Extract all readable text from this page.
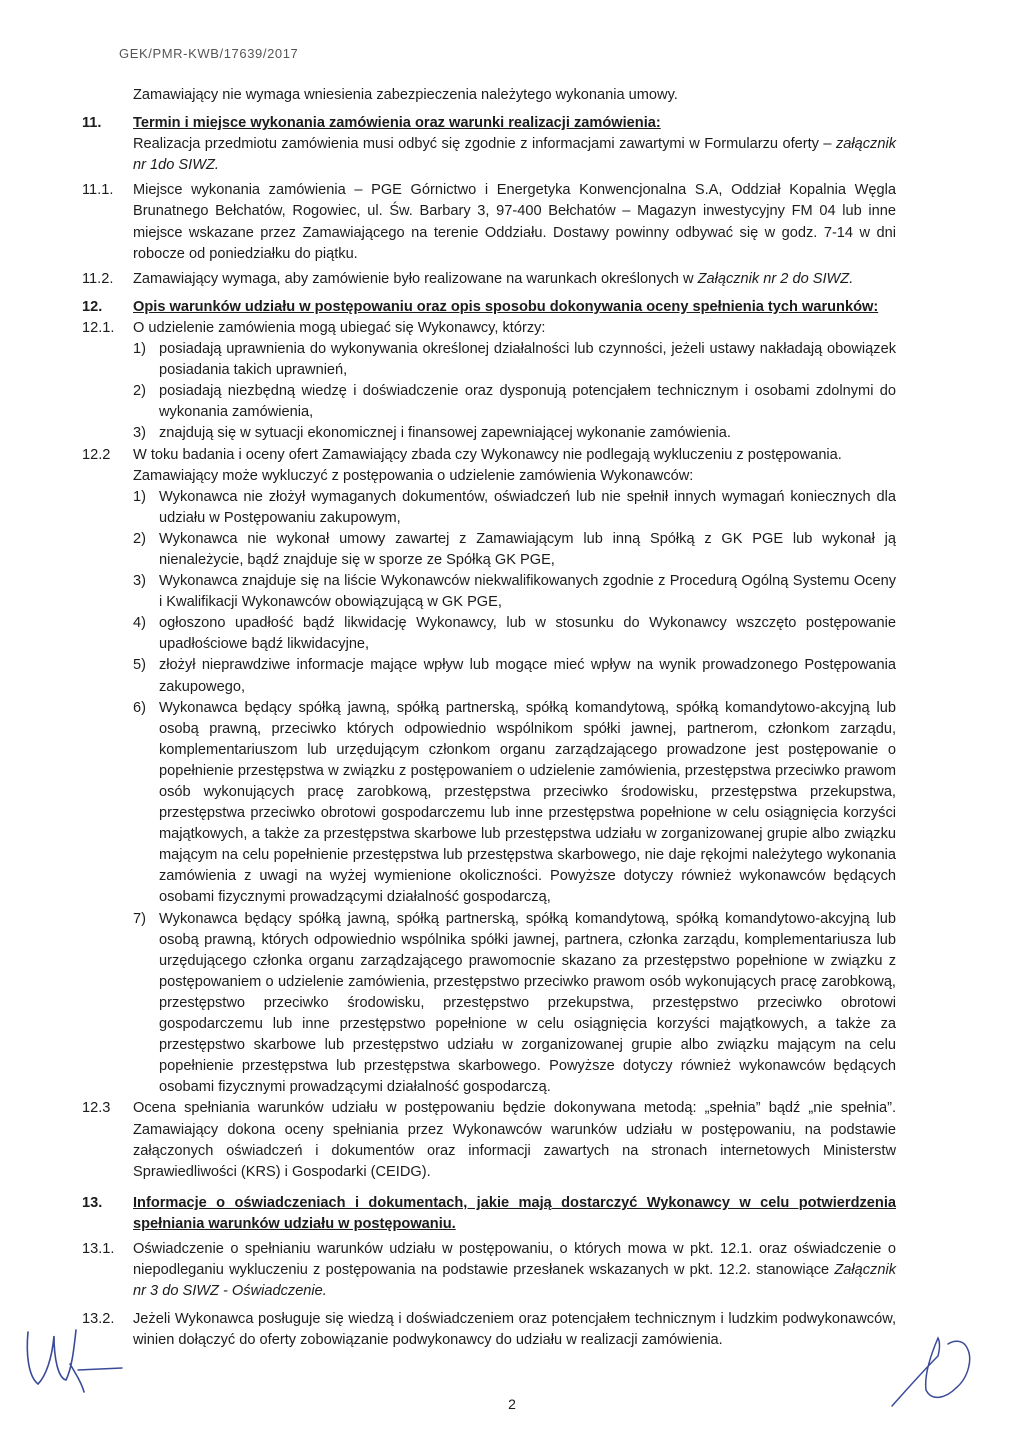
GEK/PMR-KWB/17639/2017
Zamawiający nie wymaga wniesienia zabezpieczenia należytego wykonania umowy.
11.	Termin i miejsce wykonania zamówienia oraz warunki realizacji zamówienia:
Realizacja przedmiotu zamówienia musi odbyć się zgodnie z informacjami zawartymi w Formularzu oferty – załącznik nr 1do SIWZ.
11.1.	Miejsce wykonania zamówienia – PGE Górnictwo i Energetyka Konwencjonalna S.A, Oddział Kopalnia Węgla Brunatnego Bełchatów, Rogowiec, ul. Św. Barbary 3, 97-400 Bełchatów – Magazyn inwestycyjny FM 04 lub inne miejsce wskazane przez Zamawiającego na terenie Oddziału. Dostawy powinny odbywać się w godz. 7-14 w dni robocze od poniedziałku do piątku.
11.2.	Zamawiający wymaga, aby zamówienie było realizowane na warunkach określonych w Załącznik nr 2 do SIWZ.
12.	Opis warunków udziału w postępowaniu oraz opis sposobu dokonywania oceny spełnienia tych warunków:
12.1.	O udzielenie zamówienia mogą ubiegać się Wykonawcy, którzy:
1) posiadają uprawnienia do wykonywania określonej działalności lub czynności, jeżeli ustawy nakładają obowiązek posiadania takich uprawnień,
2) posiadają niezbędną wiedzę i doświadczenie oraz dysponują potencjałem technicznym i osobami zdolnymi do wykonania zamówienia,
3) znajdują się w sytuacji ekonomicznej i finansowej zapewniającej wykonanie zamówienia.
12.2	W toku badania i oceny ofert Zamawiający zbada czy Wykonawcy nie podlegają wykluczeniu z postępowania.
Zamawiający może wykluczyć z postępowania o udzielenie zamówienia Wykonawców:
1) Wykonawca nie złożył wymaganych dokumentów, oświadczeń lub nie spełnił innych wymagań koniecznych dla udziału w Postępowaniu zakupowym,
2) Wykonawca nie wykonał umowy zawartej z Zamawiającym lub inną Spółką z GK PGE lub wykonał ją nienależycie, bądź znajduje się w sporze ze Spółką GK PGE,
3) Wykonawca znajduje się na liście Wykonawców niekwalifikowanych zgodnie z Procedurą Ogólną Systemu Oceny i Kwalifikacji Wykonawców obowiązującą w GK PGE,
4) ogłoszono upadłość bądź likwidację Wykonawcy, lub w stosunku do Wykonawcy wszczęto postępowanie upadłościowe bądź likwidacyjne,
5) złożył nieprawdziwe informacje mające wpływ lub mogące mieć wpływ na wynik prowadzonego Postępowania zakupowego,
6) Wykonawca będący spółką jawną, spółką partnerską, spółką komandytową, spółką komandytowo-akcyjną lub osobą prawną, przeciwko których odpowiednio wspólnikom spółki jawnej, partnerom, członkom zarządu, komplementariuszom lub urzędującym członkom organu zarządzającego prowadzone jest postępowanie o popełnienie przestępstwa w związku z postępowaniem o udzielenie zamówienia, przestępstwa przeciwko prawom osób wykonujących pracę zarobkową, przestępstwa przeciwko środowisku, przestępstwa przekupstwa, przestępstwa przeciwko obrotowi gospodarczemu lub inne przestępstwa popełnione w celu osiągnięcia korzyści majątkowych, a także za przestępstwa skarbowe lub przestępstwa udziału w zorganizowanej grupie albo związku mającym na celu popełnienie przestępstwa lub przestępstwa skarbowego, nie daje rękojmi należytego wykonania zamówienia z uwagi na wyżej wymienione okoliczności. Powyższe dotyczy również wykonawców będących osobami fizycznymi prowadzącymi działalność gospodarczą,
7) Wykonawca będący spółką jawną, spółką partnerską, spółką komandytową, spółką komandytowo-akcyjną lub osobą prawną, których odpowiednio wspólnika spółki jawnej, partnera, członka zarządu, komplementariusza lub urzędującego członka organu zarządzającego prawomocnie skazano za przestępstwo popełnione w związku z postępowaniem o udzielenie zamówienia, przestępstwo przeciwko prawom osób wykonujących pracę zarobkową, przestępstwo przeciwko środowisku, przestępstwo przekupstwa, przestępstwo przeciwko obrotowi gospodarczemu lub inne przestępstwo popełnione w celu osiągnięcia korzyści majątkowych, a także za przestępstwo skarbowe lub przestępstwo udziału w zorganizowanej grupie albo związku mającym na celu popełnienie przestępstwa lub przestępstwa skarbowego. Powyższe dotyczy również wykonawców będących osobami fizycznymi prowadzącymi działalność gospodarczą.
12.3	Ocena spełniania warunków udziału w postępowaniu będzie dokonywana metodą: „spełnia” bądź „nie spełnia”. Zamawiający dokona oceny spełniania przez Wykonawców warunków udziału w postępowaniu, na podstawie załączonych oświadczeń i dokumentów oraz informacji zawartych na stronach internetowych Ministerstw Sprawiedliwości (KRS) i Gospodarki (CEIDG).
13.	Informacje o oświadczeniach i dokumentach, jakie mają dostarczyć Wykonawcy w celu potwierdzenia spełniania warunków udziału w postępowaniu.
13.1.	Oświadczenie o spełnianiu warunków udziału w postępowaniu, o których mowa w pkt. 12.1. oraz oświadczenie o niepodleganiu wykluczeniu z postępowania na podstawie przesłanek wskazanych w pkt. 12.2. stanowiące Załącznik nr 3 do SIWZ - Oświadczenie.
13.2.	Jeżeli Wykonawca posługuje się wiedzą i doświadczeniem oraz potencjałem technicznym i ludzkim podwykonawców, winien dołączyć do oferty zobowiązanie podwykonawcy do udziału w realizacji zamówienia.
2
